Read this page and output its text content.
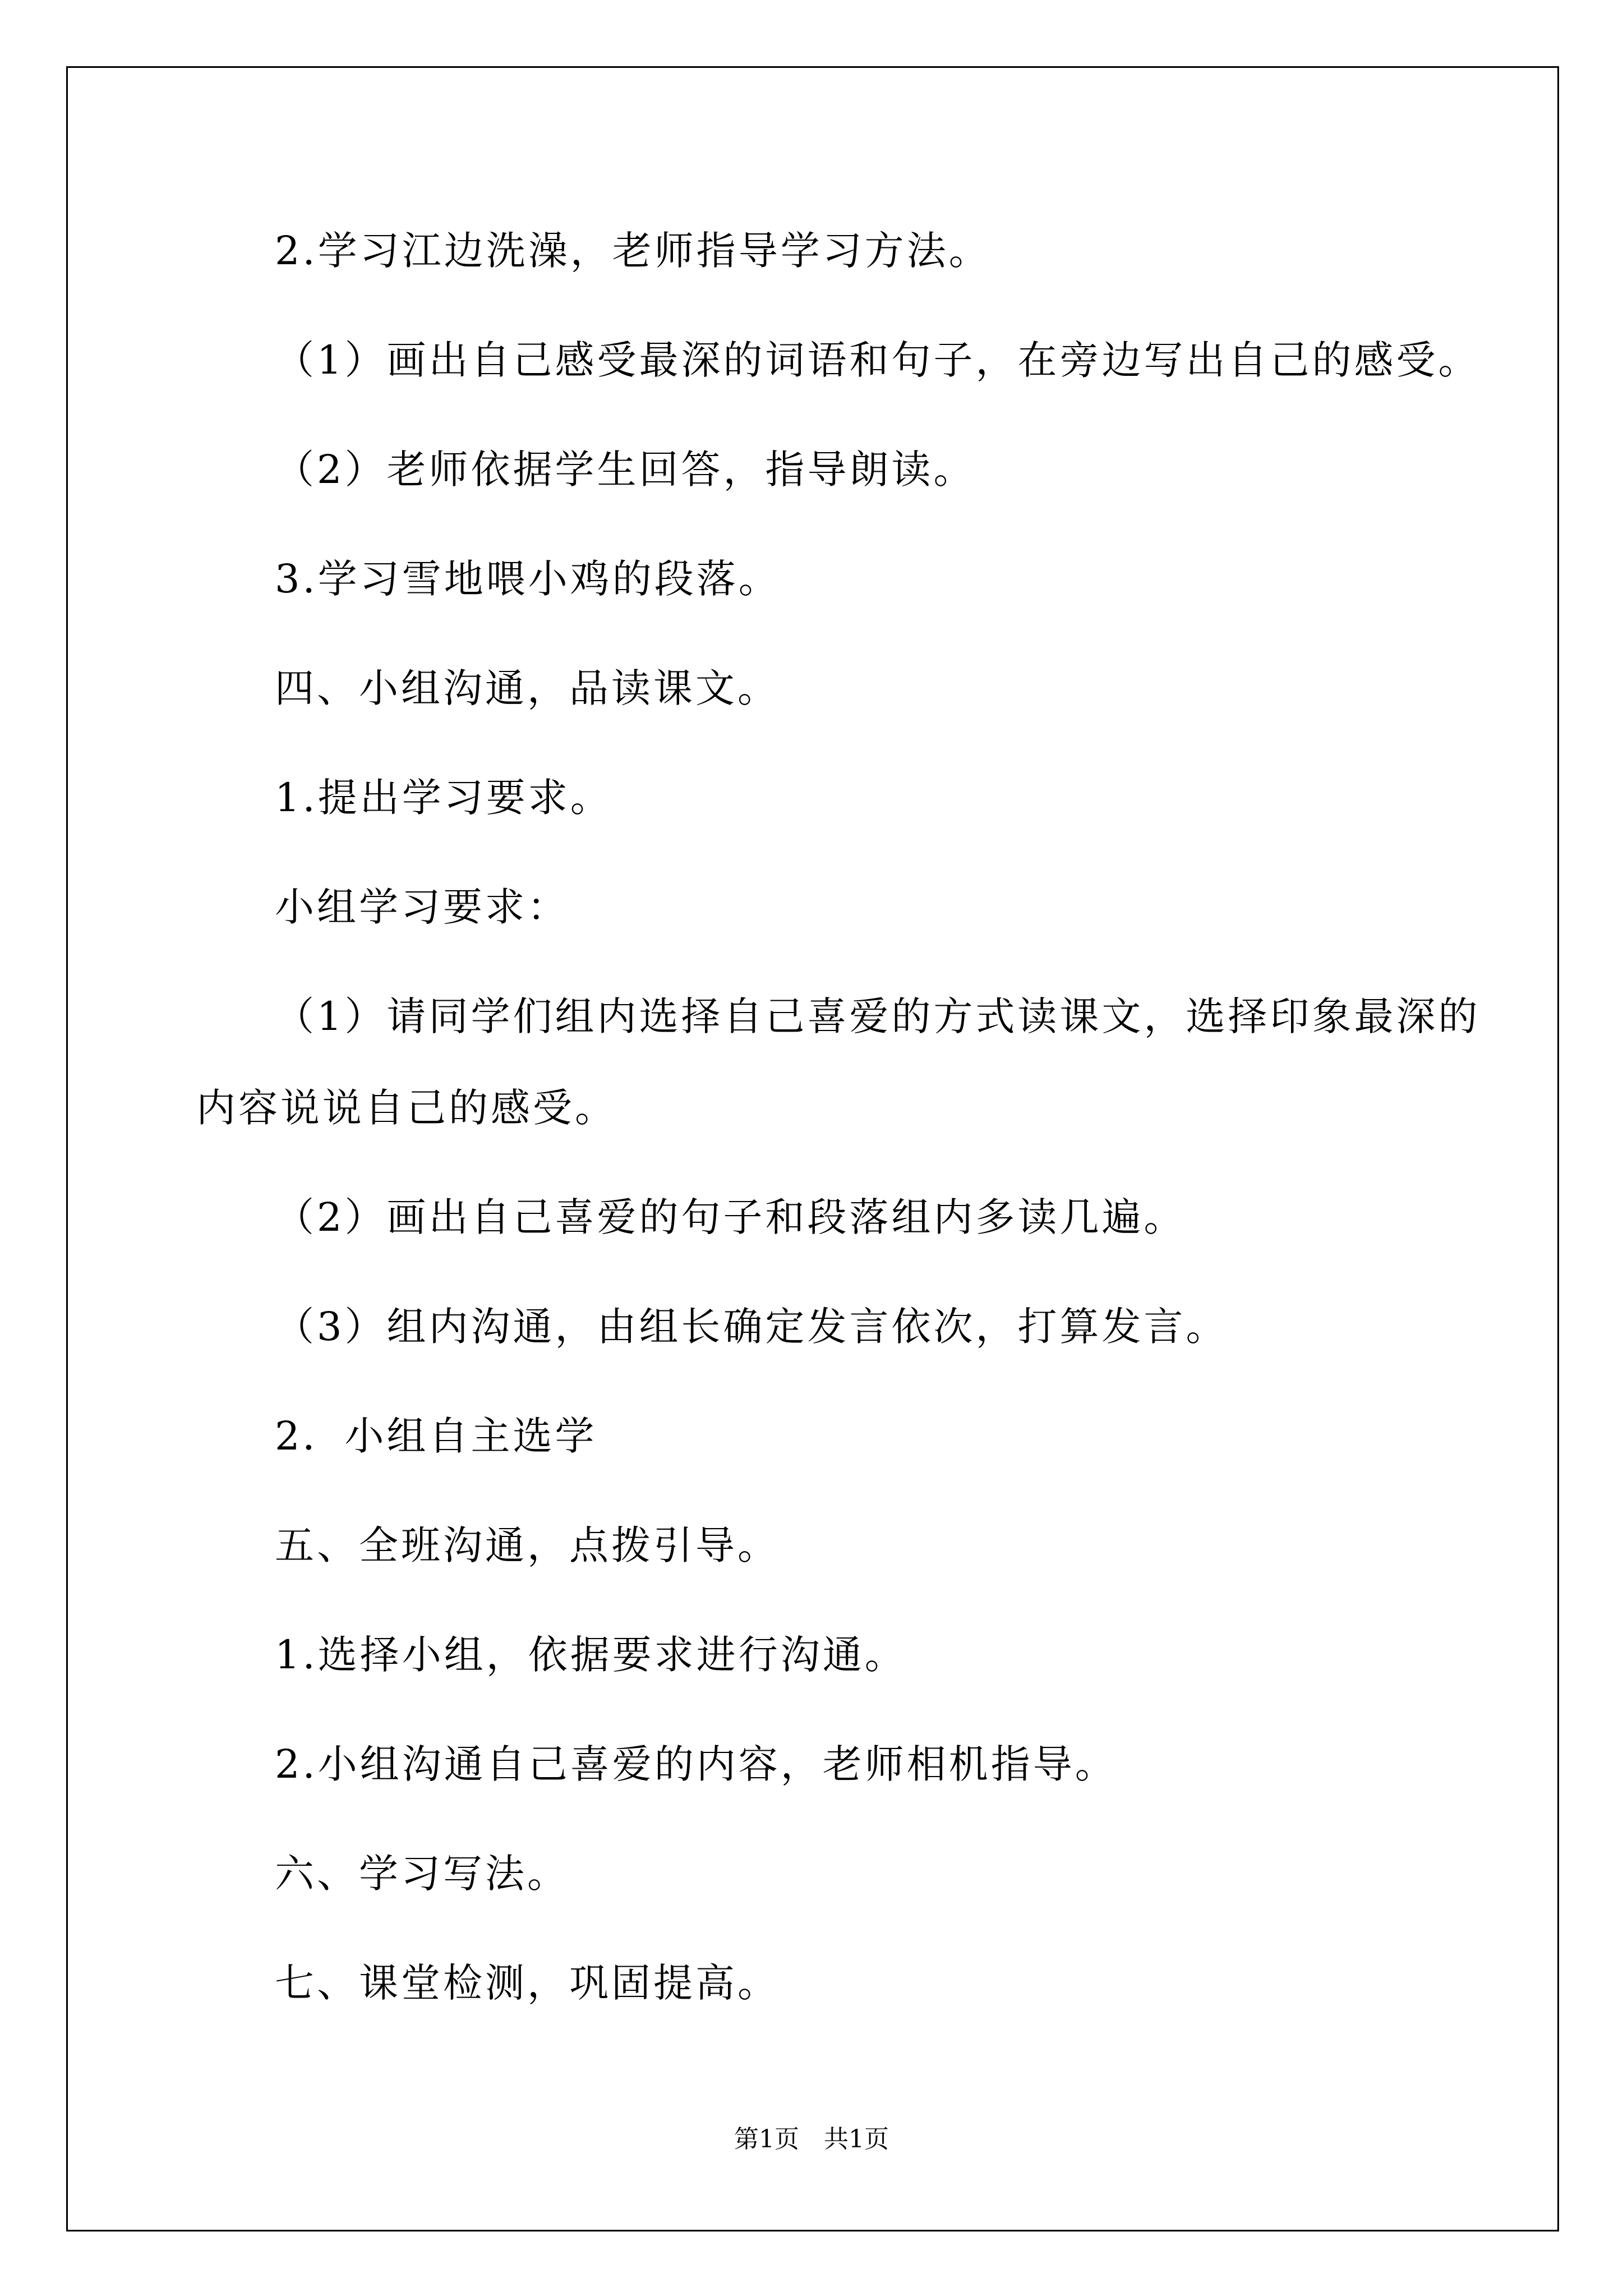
2.学习江边洗澡，老师指导学习方法。
（1）画出自己感受最深的词语和句子，在旁边写出自己的感受。
（2）老师依据学生回答，指导朗读。
3.学习雪地喂小鸡的段落。
四、小组沟通，品读课文。
1.提出学习要求。
小组学习要求：
（1）请同学们组内选择自己喜爱的方式读课文，选择印象最深的
内容说说自己的感受。
（2）画出自己喜爱的句子和段落组内多读几遍。
（3）组内沟通，由组长确定发言依次，打算发言。
2．小组自主选学
五、全班沟通，点拨引导。
1.选择小组，依据要求进行沟通。
2.小组沟通自己喜爱的内容，老师相机指导。
六、学习写法。
七、课堂检测，巩固提高。
第1页　共1页
